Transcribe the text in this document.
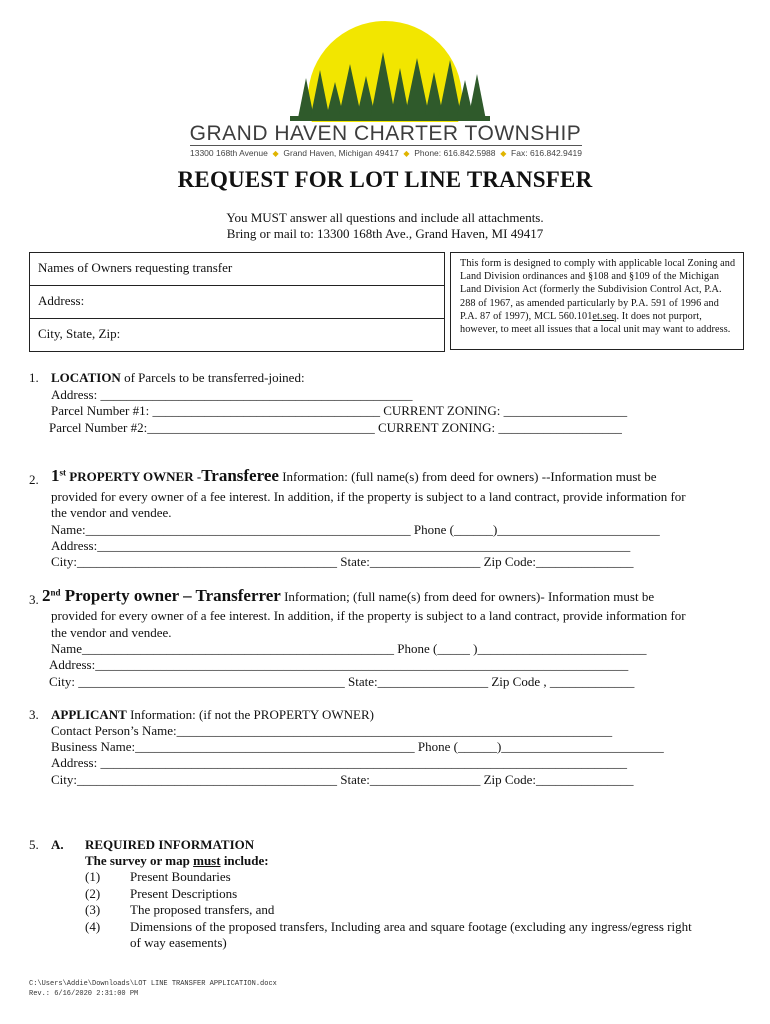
GRAND HAVEN CHARTER TOWNSHIP
13300 168th Avenue ◆ Grand Haven, Michigan 49417 ◆ Phone: 616.842.5988 ◆ Fax: 616.842.9419
REQUEST FOR LOT LINE TRANSFER
You MUST answer all questions and include all attachments.
Bring or mail to: 13300 168th Ave., Grand Haven, MI 49417
Names of Owners requesting transfer
Address:
City, State, Zip:
This form is designed to comply with applicable local Zoning and Land Division ordinances and §108 and §109 of the Michigan Land Division Act (formerly the Subdivision Control Act, P.A. 288 of 1967, as amended particularly by P.A. 591 of 1996 and P.A. 87 of 1997), MCL 560.101et.seq. It does not purport, however, to meet all issues that a local unit may want to address.
1. LOCATION of Parcels to be transferred-joined:
Address: ________________________________________________
Parcel Number #1: ___________________________________ CURRENT ZONING: ___________________
Parcel Number #2:___________________________________ CURRENT ZONING: ___________________
2. 1st PROPERTY OWNER -Transferee Information: (full name(s) from deed for owners) --Information must be
provided for every owner of a fee interest. In addition, if the property is subject to a land contract, provide information for
the vendor and vendee.
Name:__________________________________________________ Phone (______)_________________________
Address:__________________________________________________________________________________
City:________________________________________ State:_________________ Zip Code:_______________
3. 2nd Property owner – Transferrer Information; (full name(s) from deed for owners)- Information must be
provided for every owner of a fee interest. In addition, if the property is subject to a land contract, provide information for
the vendor and vendee.
Name________________________________________________ Phone (_____ )__________________________
Address:__________________________________________________________________________________
City: _________________________________________ State:_________________ Zip Code , _____________
3. APPLICANT Information: (if not the PROPERTY OWNER)
Contact Person’s Name:___________________________________________________________________
Business Name:___________________________________________ Phone (______)_________________________
Address: _________________________________________________________________________________
City:________________________________________ State:_________________ Zip Code:_______________
5. A. REQUIRED INFORMATION
The survey or map must include:
(1) Present Boundaries
(2) Present Descriptions
(3) The proposed transfers, and
(4) Dimensions of the proposed transfers, Including area and square footage (excluding any ingress/egress right
of way easements)
C:\Users\Addie\Downloads\LOT LINE TRANSFER APPLICATION.docx
Rev.: 6/16/2020 2:31:00 PM
